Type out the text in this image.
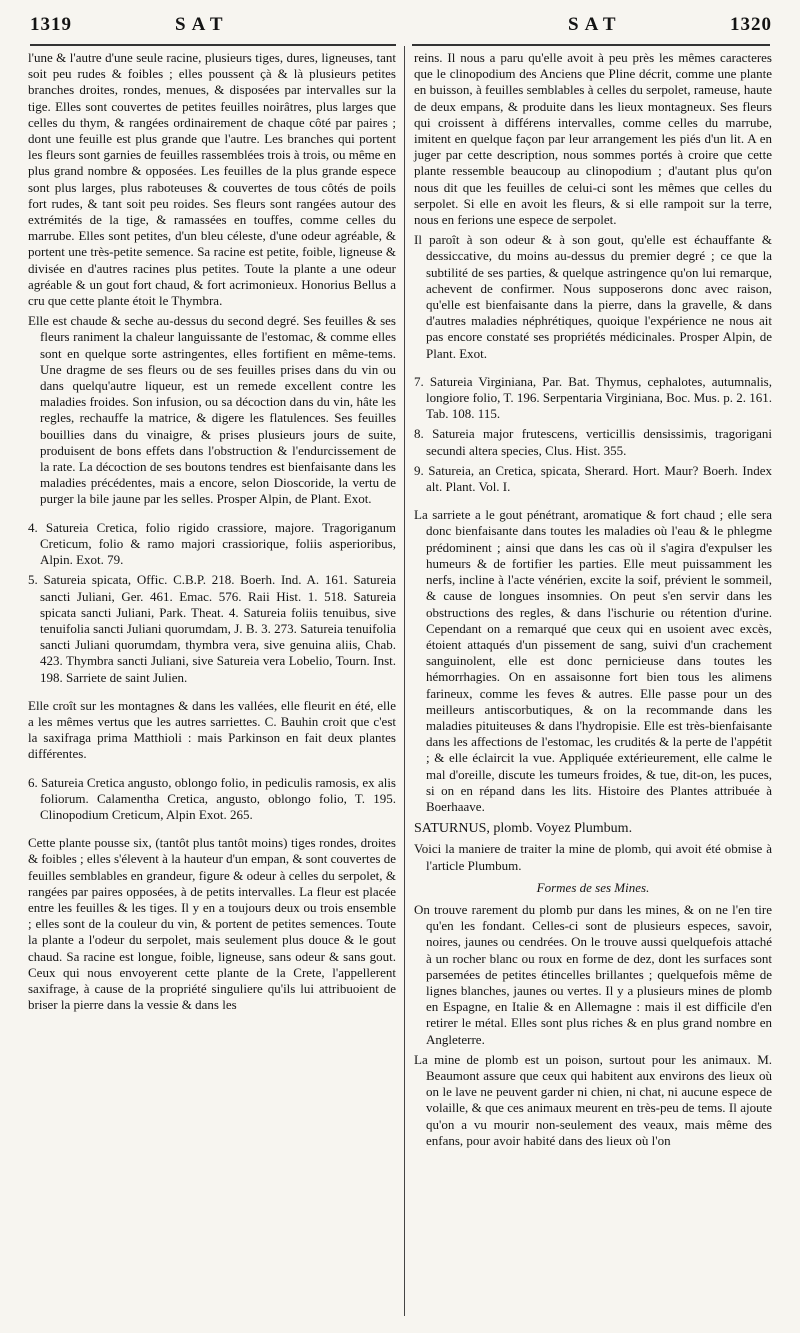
1319	SAT	SAT	1320

l'une & l'autre d'une seule racine, plusieurs tiges, dures, ligneuses, tant soit peu rudes & foibles ; elles poussent çà & là plusieurs petites branches droites, rondes, menues, & disposées par intervalles sur la tige. Elles sont couvertes de petites feuilles noirâtres, plus larges que celles du thym, & rangées ordinairement de chaque côté par paires ; dont une feuille est plus grande que l'autre. Les branches qui portent les fleurs sont garnies de feuilles rassemblées trois à trois, ou même en plus grand nombre & opposées. Les feuilles de la plus grande espece sont plus larges, plus raboteuses & couvertes de tous côtés de poils fort rudes, & tant soit peu roides. Ses fleurs sont rangées autour des extrémités de la tige, & ramassées en touffes, comme celles du marrube. Elles sont petites, d'un bleu céleste, d'une odeur agréable, & portent une très-petite semence. Sa racine est petite, foible, ligneuse & divisée en d'autres racines plus petites. Toute la plante a une odeur agréable & un gout fort chaud, & fort acrimonieux. Honorius Bellus a cru que cette plante étoit le Thymbra.

Elle est chaude & seche au-dessus du second degré. Ses feuilles & ses fleurs raniment la chaleur languissante de l'estomac, & comme elles sont en quelque sorte astringentes, elles fortifient en même-tems. Une dragme de ses fleurs ou de ses feuilles prises dans du vin ou dans quelqu'autre liqueur, est un remede excellent contre les maladies froides. Son infusion, ou sa décoction dans du vin, hâte les regles, rechauffe la matrice, & digere les flatulences. Ses feuilles bouillies dans du vinaigre, & prises plusieurs jours de suite, produisent de bons effets dans l'obstruction & l'endurcissement de la rate. La décoction de ses boutons tendres est bienfaisante dans les maladies précédentes, mais a encore, selon Dioscoride, la vertu de purger la bile jaune par les selles. Prosper Alpin, de Plant. Exot.

4. Satureia Cretica, folio rigido crassiore, majore. Tragoriganum Creticum, folio & ramo majori crassiorique, foliis asperioribus, Alpin. Exot. 79.

5. Satureia spicata, Offic. C.B.P. 218. Boerh. Ind. A. 161. Satureia sancti Juliani, Ger. 461. Emac. 576. Raii Hist. 1. 518. Satureia spicata sancti Juliani, Park. Theat. 4. Satureia foliis tenuibus, sive tenuifolia sancti Juliani quorumdam, J. B. 3. 273. Satureia tenuifolia sancti Juliani quorumdam, thymbra vera, sive genuina aliis, Chab. 423. Thymbra sancti Juliani, sive Satureia vera Lobelio, Tourn. Inst. 198. Sarriete de saint Julien.

Elle croît sur les montagnes & dans les vallées, elle fleurit en été, elle a les mêmes vertus que les autres sarriettes. C. Bauhin croit que c'est la saxifraga prima Matthioli : mais Parkinson en fait deux plantes différentes.

6. Satureia Cretica angusto, oblongo folio, in pediculis ramosis, ex alis foliorum. Calamentha Cretica, angusto, oblongo folio, T. 195. Clinopodium Creticum, Alpin Exot. 265.

Cette plante pousse six, (tantôt plus tantôt moins) tiges rondes, droites & foibles ; elles s'élevent à la hauteur d'un empan, & sont couvertes de feuilles semblables en grandeur, figure & odeur à celles du serpolet, & rangées par paires opposées, à de petits intervalles. La fleur est placée entre les feuilles & les tiges. Il y en a toujours deux ou trois ensemble ; elles sont de la couleur du vin, & portent de petites semences. Toute la plante a l'odeur du serpolet, mais seulement plus douce & le gout chaud. Sa racine est longue, foible, ligneuse, sans odeur & sans gout. Ceux qui nous envoyerent cette plante de la Crete, l'appellerent saxifrage, à cause de la propriété singuliere qu'ils lui attribuoient de briser la pierre dans la vessie & dans les

reins. Il nous a paru qu'elle avoit à peu près les mêmes caracteres que le clinopodium des Anciens que Pline décrit, comme une plante en buisson, à feuilles semblables à celles du serpolet, rameuse, haute de deux empans, & produite dans les lieux montagneux. Ses fleurs qui croissent à différens intervalles, comme celles du marrube, imitent en quelque façon par leur arrangement les piés d'un lit. A en juger par cette description, nous sommes portés à croire que cette plante ressemble beaucoup au clinopodium ; d'autant plus qu'on nous dit que les feuilles de celui-ci sont les mêmes que celles du serpolet. Si elle en avoit les fleurs, & si elle rampoit sur la terre, nous en ferions une espece de serpolet.

Il paroît à son odeur & à son gout, qu'elle est échauffante & dessiccative, du moins au-dessus du premier degré ; ce que la subtilité de ses parties, & quelque astringence qu'on lui remarque, achevent de confirmer. Nous supposerons donc avec raison, qu'elle est bienfaisante dans la pierre, dans la gravelle, & dans d'autres maladies néphrétiques, quoique l'expérience ne nous ait pas encore constaté ses propriétés médicinales. Prosper Alpin, de Plant. Exot.

7. Satureia Virginiana, Par. Bat. Thymus, cephalotes, autumnalis, longiore folio, T. 196. Serpentaria Virginiana, Boc. Mus. p. 2. 161. Tab. 108. 115.

8. Satureia major frutescens, verticillis densissimis, tragorigani secundi altera species, Clus. Hist. 355.

9. Satureia, an Cretica, spicata, Sherard. Hort. Maur? Boerh. Index alt. Plant. Vol. I.

La sarriete a le gout pénétrant, aromatique & fort chaud ; elle sera donc bienfaisante dans toutes les maladies où l'eau & le phlegme prédominent ; ainsi que dans les cas où il s'agira d'expulser les humeurs & de fortifier les parties. Elle meut puissamment les nerfs, incline à l'acte vénérien, excite la soif, prévient le sommeil, & cause de longues insomnies. On peut s'en servir dans les obstructions des regles, & dans l'ischurie ou rétention d'urine. Cependant on a remarqué que ceux qui en usoient avec excès, étoient attaqués d'un pissement de sang, suivi d'un crachement sanguinolent, elle est donc pernicieuse dans toutes les hémorrhagies. On en assaisonne fort bien tous les alimens farineux, comme les feves & autres. Elle passe pour un des meilleurs antiscorbutiques, & on la recommande dans les maladies pituiteuses & dans l'hydropisie. Elle est très-bienfaisante dans les affections de l'estomac, les crudités & la perte de l'appétit ; & elle éclaircit la vue. Appliquée extérieurement, elle calme le mal d'oreille, discute les tumeurs froides, & tue, dit-on, les puces, si on en répand dans les lits. Histoire des Plantes attribuée à Boerhaave.

SATURNUS, plomb. Voyez Plumbum.

Voici la maniere de traiter la mine de plomb, qui avoit été obmise à l'article Plumbum.

Formes de ses Mines.

On trouve rarement du plomb pur dans les mines, & on ne l'en tire qu'en les fondant. Celles-ci sont de plusieurs especes, savoir, noires, jaunes ou cendrées. On le trouve aussi quelquefois attaché à un rocher blanc ou roux en forme de dez, dont les surfaces sont parsemées de petites étincelles brillantes ; quelquefois même de lignes blanches, jaunes ou vertes. Il y a plusieurs mines de plomb en Espagne, en Italie & en Allemagne : mais il est difficile d'en retirer le métal. Elles sont plus riches & en plus grand nombre en Angleterre.

La mine de plomb est un poison, surtout pour les animaux. M. Beaumont assure que ceux qui habitent aux environs des lieux où on le lave ne peuvent garder ni chien, ni chat, ni aucune espece de volaille, & que ces animaux meurent en très-peu de tems. Il ajoute qu'on a vu mourir non-seulement des veaux, mais même des enfans, pour avoir habité dans des lieux où l'on
